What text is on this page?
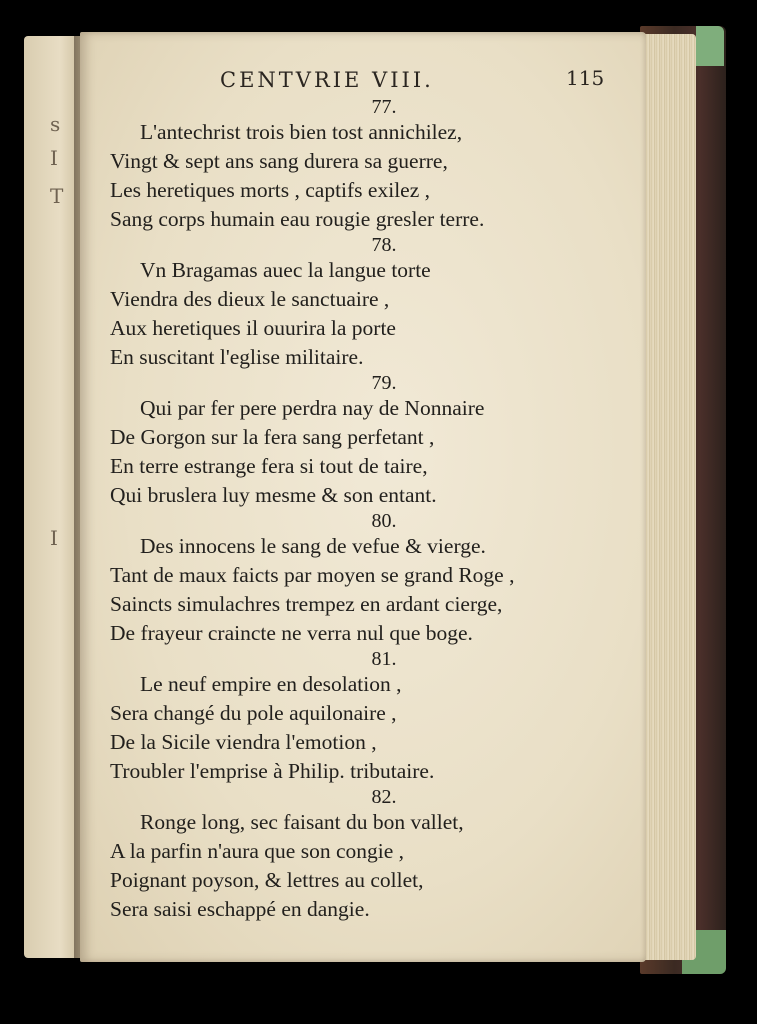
s
I
T
I
CENTVRIE VIII.	115
77.
L'antechrist trois bien tost annichilez,
Vingt & sept ans sang durera sa guerre,
Les heretiques morts , captifs exilez ,
Sang corps humain eau rougie gresler terre.
78.
Vn Bragamas auec la langue torte
Viendra des dieux le sanctuaire ,
Aux heretiques il ouurira la porte
En suscitant l'eglise militaire.
79.
Qui par fer pere perdra nay de Nonnaire
De Gorgon sur la fera sang perfetant ,
En terre estrange fera si tout de taire,
Qui bruslera luy mesme & son entant.
80.
Des innocens le sang de vefue & vierge.
Tant de maux faicts par moyen se grand Roge ,
Saincts simulachres trempez en ardant cierge,
De frayeur craincte ne verra nul que boge.
81.
Le neuf empire en desolation ,
Sera changé du pole aquilonaire ,
De la Sicile viendra l'emotion ,
Troubler l'emprise à Philip. tributaire.
82.
Ronge long, sec faisant du bon vallet,
A la parfin n'aura que son congie ,
Poignant poyson, & lettres au collet,
Sera saisi eschappé en dangie.
